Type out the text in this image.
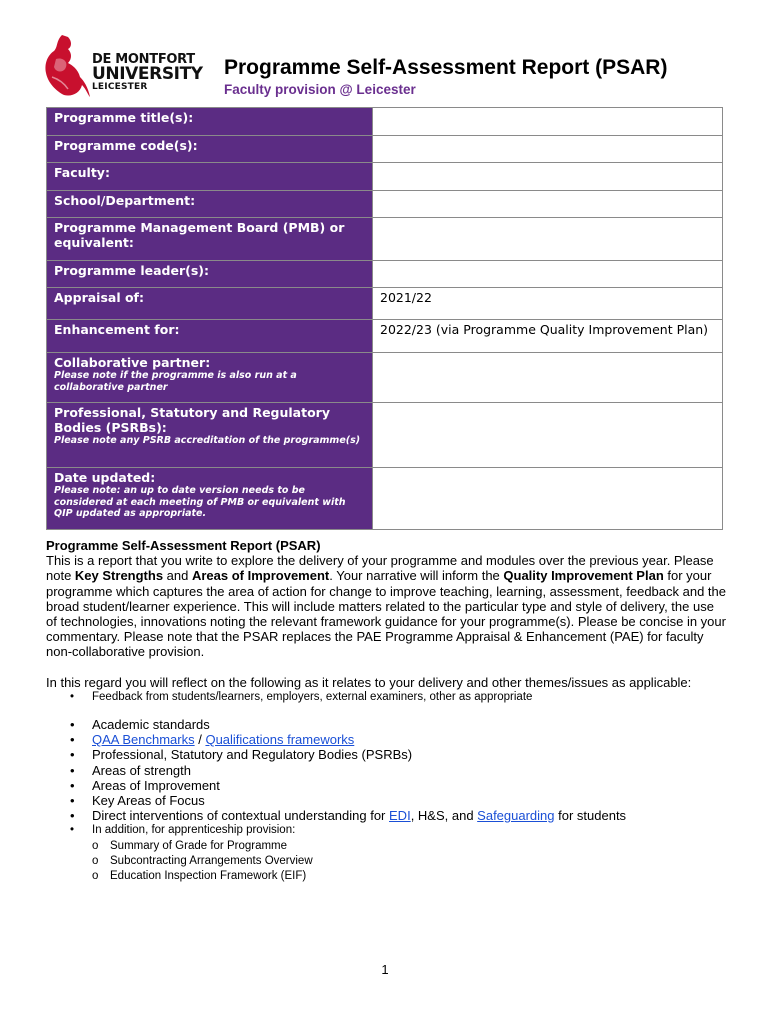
DE MONTFORT
UNIVERSITY
LEICESTER
Programme Self-Assessment Report (PSAR)
Faculty provision @ Leicester
Programme title(s):	
Programme code(s):	
Faculty:	
School/Department:	
Programme Management Board (PMB) or equivalent:	
Programme leader(s):	
Appraisal of:	2021/22
Enhancement for:	2022/23 (via Programme Quality Improvement Plan)
Collaborative partner:
Please note if the programme is also run at a collaborative partner	

Professional, Statutory and Regulatory Bodies (PSRBs):
Please note any PSRB accreditation of the programme(s)	

Date updated:
Please note: an up to date version needs to be considered at each meeting of PMB or equivalent with QIP updated as appropriate.	

Programme Self-Assessment Report (PSAR)

This is a report that you write to explore the delivery of your programme and modules over the previous year. Please note Key Strengths and Areas of Improvement. Your narrative will inform the Quality Improvement Plan for your programme which captures the area of action for change to improve teaching, learning, assessment, feedback and the broad student/learner experience. This will include matters related to the particular type and style of delivery, the use of technologies, innovations noting the relevant framework guidance for your programme(s). Please be concise in your commentary. Please note that the PSAR replaces the PAE Programme Appraisal & Enhancement (PAE) for faculty non-collaborative provision.

In this regard you will reflect on the following as it relates to your delivery and other themes/issues as applicable:

• Feedback from students/learners, employers, external examiners, other as appropriate
• Academic standards
• QAA Benchmarks / Qualifications frameworks
• Professional, Statutory and Regulatory Bodies (PSRBs)
• Areas of strength
• Areas of Improvement
• Key Areas of Focus
• Direct interventions of contextual understanding for EDI, H&S, and Safeguarding for students
• In addition, for apprenticeship provision:
o Summary of Grade for Programme
o Subcontracting Arrangements Overview
o Education Inspection Framework (EIF)
1
